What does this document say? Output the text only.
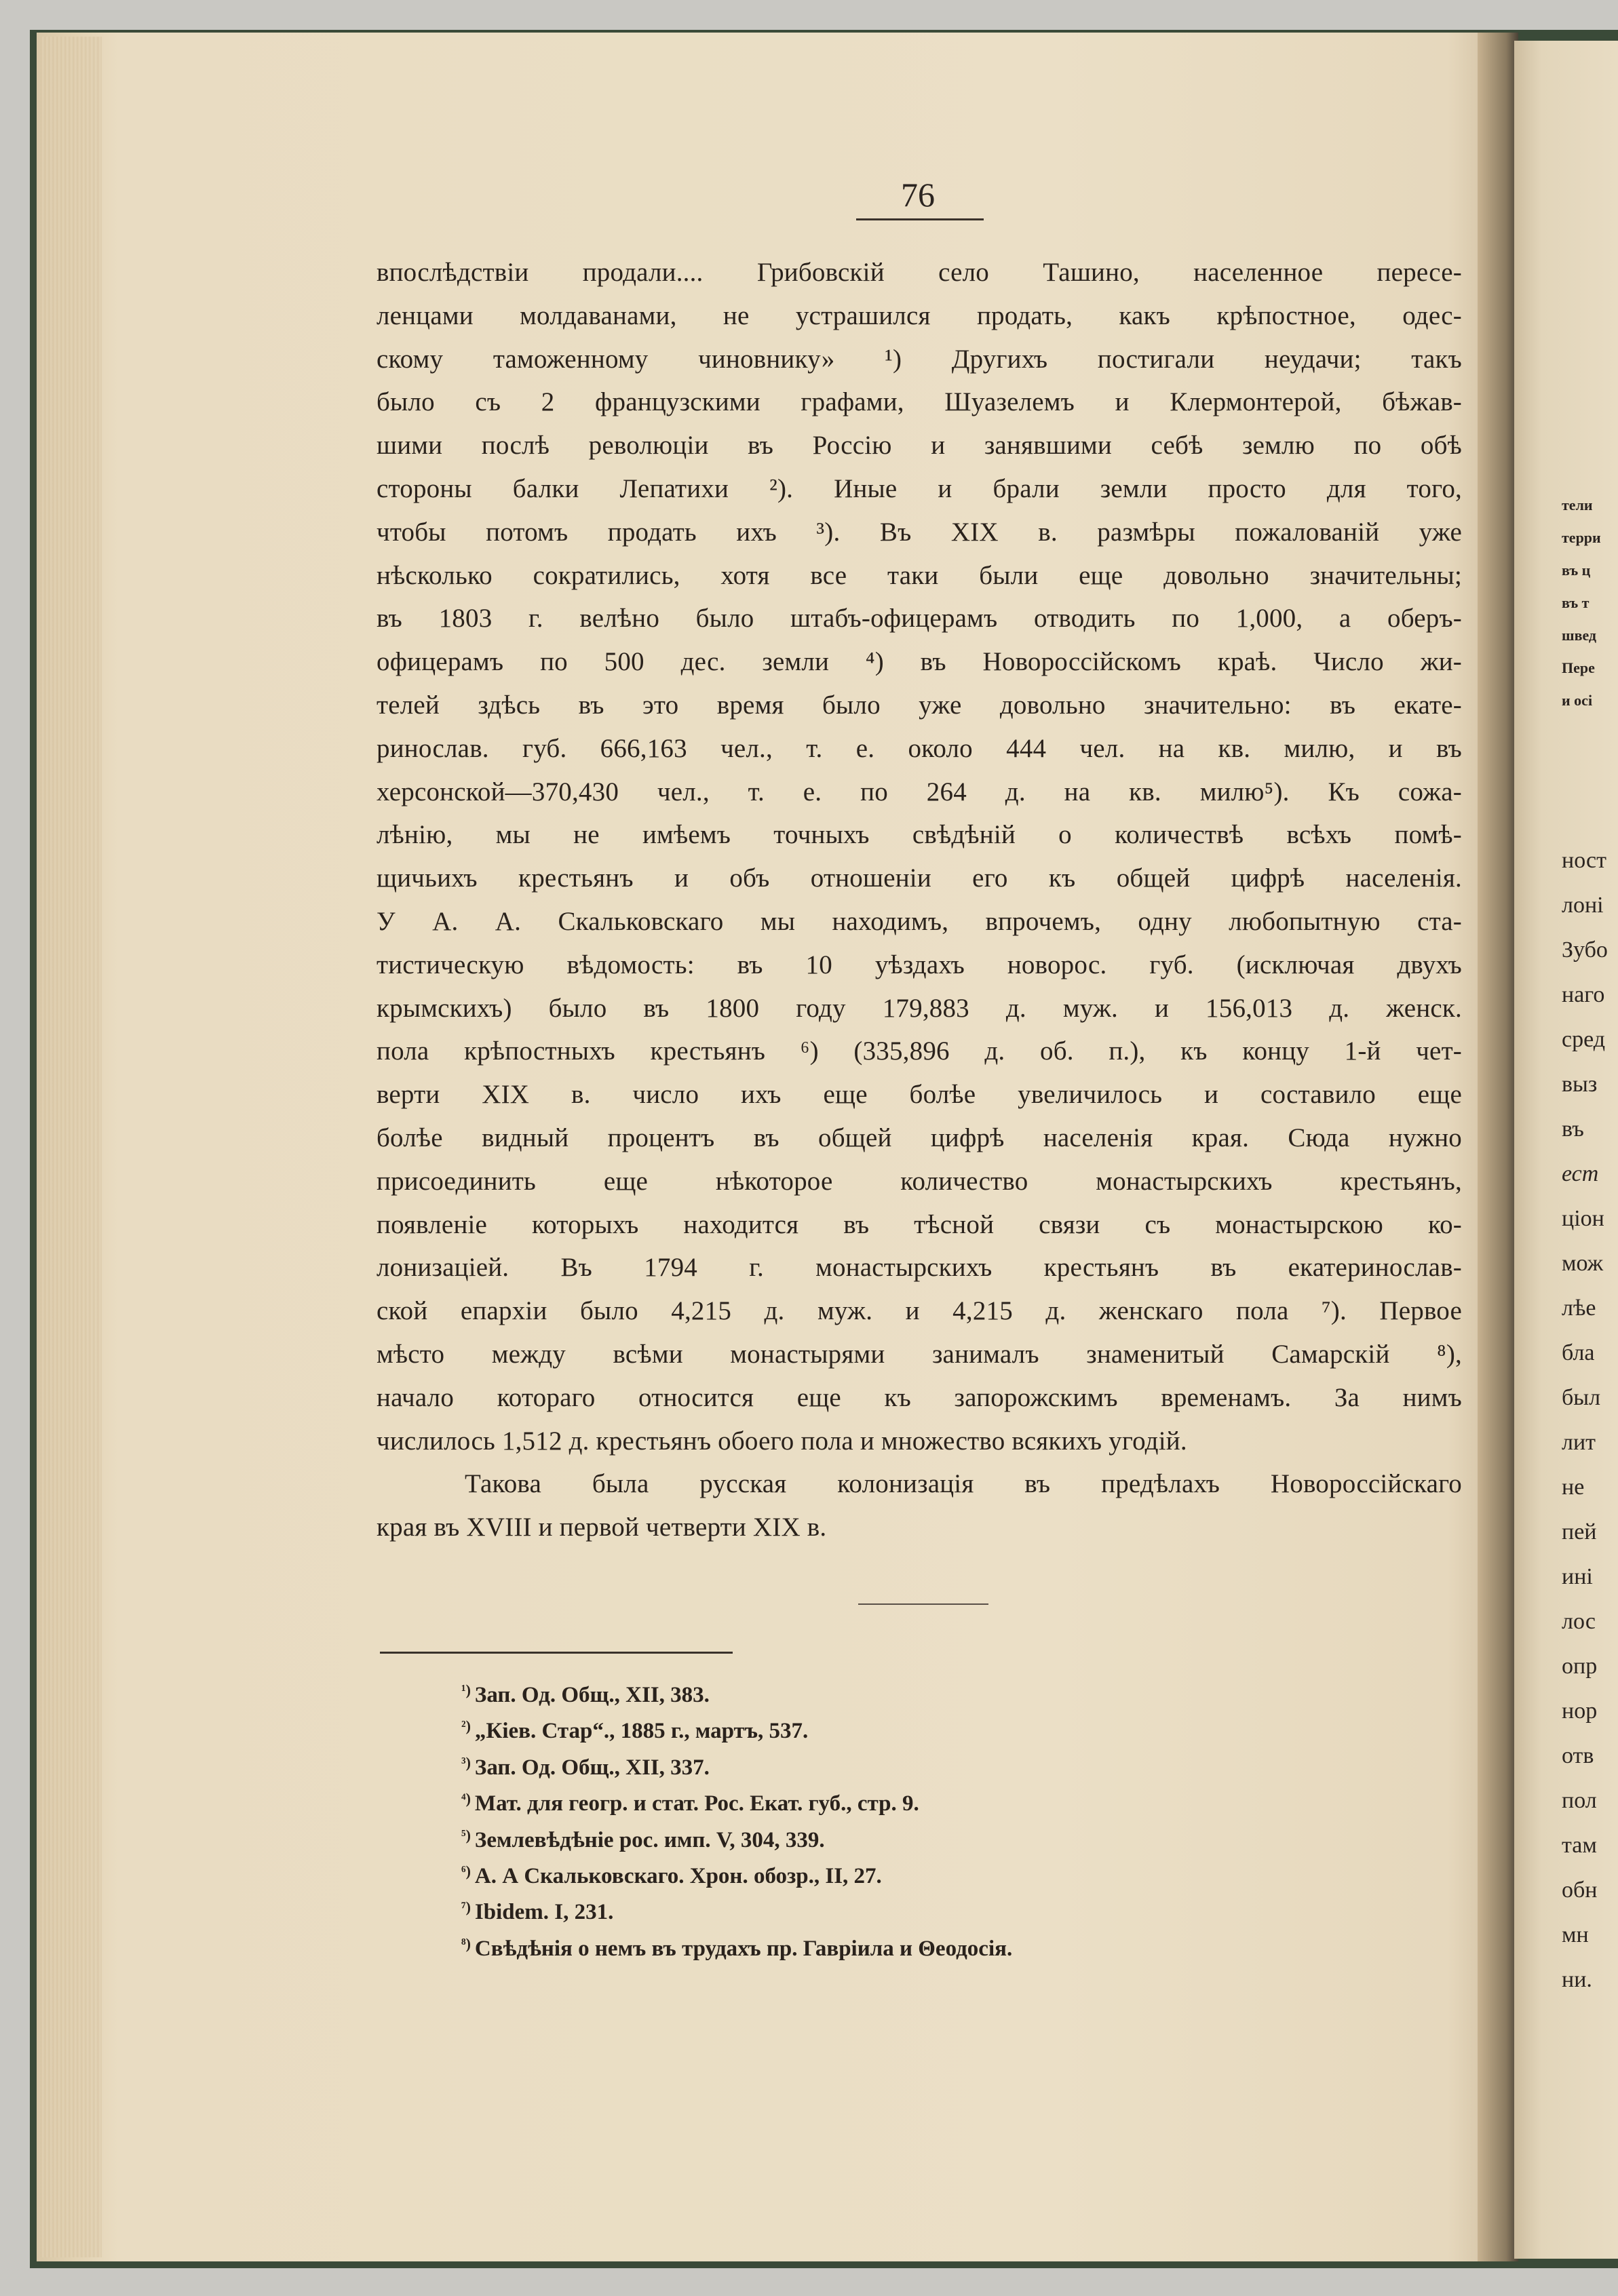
76
впослѣдствіи продали.... Грибовскій село Ташино, населенное пересе-
ленцами молдаванами, не устрашился продать, какъ крѣпостное, одес-
скому таможенному чиновнику» ¹) Другихъ постигали неудачи; такъ
было съ 2 французскими графами, Шуазелемъ и Клермонтерой, бѣжав-
шими послѣ революціи въ Россію и занявшими себѣ землю по обѣ
стороны балки Лепатихи ²). Иные и брали земли просто для того,
чтобы потомъ продать ихъ ³). Въ XIX в. размѣры пожалованій уже
нѣсколько сократились, хотя все таки были еще довольно значительны;
въ 1803 г. велѣно было штабъ-офицерамъ отводить по 1,000, а оберъ-
офицерамъ по 500 дес. земли ⁴) въ Новороссійскомъ краѣ. Число жи-
телей здѣсь въ это время было уже довольно значительно: въ екате-
ринослав. губ. 666,163 чел., т. е. около 444 чел. на кв. милю, и въ
херсонской—370,430 чел., т. е. по 264 д. на кв. милю⁵). Къ сожа-
лѣнію, мы не имѣемъ точныхъ свѣдѣній о количествѣ всѣхъ помѣ-
щичьихъ крестьянъ и объ отношеніи его къ общей цифрѣ населенія.
У А. А. Скальковскаго мы находимъ, впрочемъ, одну любопытную ста-
тистическую вѣдомость: въ 10 уѣздахъ новорос. губ. (исключая двухъ
крымскихъ) было въ 1800 году 179,883 д. муж. и 156,013 д. женск.
пола крѣпостныхъ крестьянъ ⁶) (335,896 д. об. п.), къ концу 1-й чет-
верти XIX в. число ихъ еще болѣе увеличилось и составило еще
болѣе видный процентъ въ общей цифрѣ населенія края. Сюда нужно
присоединить еще нѣкоторое количество монастырскихъ крестьянъ,
появленіе которыхъ находится въ тѣсной связи съ монастырскою ко-
лонизаціей. Въ 1794 г. монастырскихъ крестьянъ въ екатеринослав-
ской епархіи было 4,215 д. муж. и 4,215 д. женскаго пола ⁷). Первое
мѣсто между всѣми монастырями занималъ знаменитый Самарскій ⁸),
начало котораго относится еще къ запорожскимъ временамъ. За нимъ
числилось 1,512 д. крестьянъ обоего пола и множество всякихъ угодій.
Такова была русская колонизація въ предѣлахъ Новороссійскаго
края въ XVIII и первой четверти XIX в.
$^{^1)}$ Зап. Од. Общ., XII, 383.
$^{^2)}$ „Кіев. Стар“., 1885 г., мартъ, 537.
$^{^3)}$ Зап. Од. Общ., XII, 337.
$^{^4)}$ Мат. для геогр. и стат. Рос. Екат. губ., стр. 9.
$^{^5)}$ Землевѣдѣніе рос. имп. V, 304, 339.
$^{^6)}$ А. А Скальковскаго. Хрон. обозр., II, 27.
$^{^7)}$ Ibidem. I, 231.
$^{^8)}$ Свѣдѣнія о немъ въ трудахъ пр. Гавріила и Θеодосія.
тели
терри
въ ц
въ т
швед
Пере
и осі
ност
лоні
Зубо
наго
сред
выз
въ
ест
ціон
мож
лѣе
бла
был
лит
не
пей
ині
лос
опр
нор
отв
пол
там
обн
мн
ни.
